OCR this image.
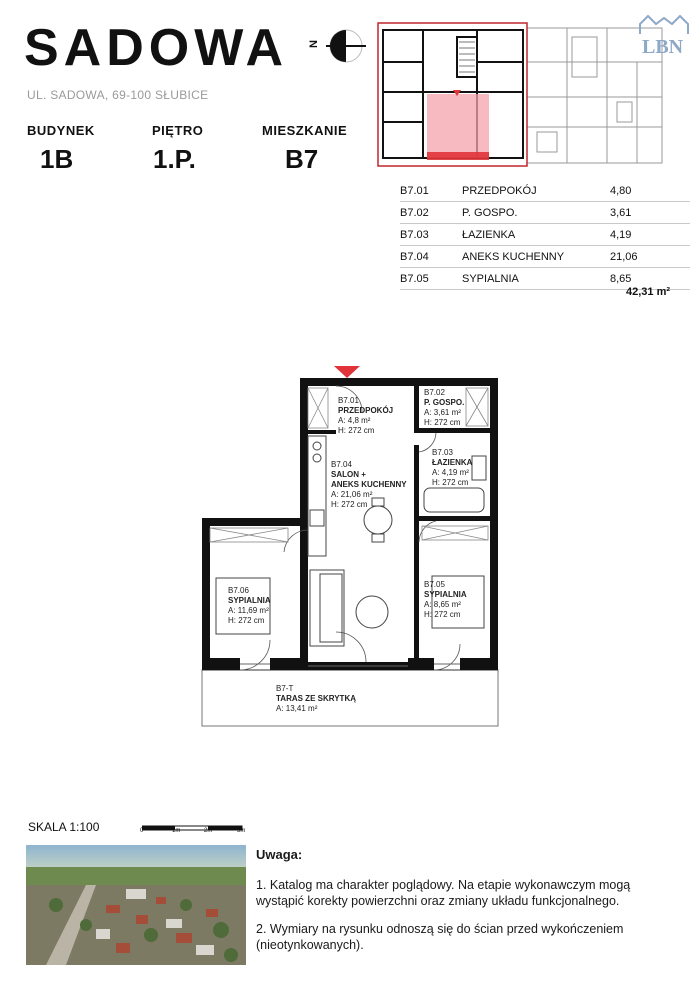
SADOWA
UL. SADOWA, 69-100 SŁUBICE
N	LBN
BUDYNEK
1B
PIĘTRO
1.P.
MIESZKANIE
B7
B7.01	PRZEDPOKÓJ	4,80
B7.02	P. GOSPO.	3,61
B7.03	ŁAZIENKA	4,19
B7.04	ANEKS KUCHENNY	21,06
B7.05	SYPIALNIA	8,65
42,31 m²
B7.01
PRZEDPOKÓJ
A: 4,8 m²
H: 272 cm
B7.02
P. GOSPO.
A: 3,61 m²
H: 272 cm
B7.03
ŁAZIENKA
A: 4,19 m²
H: 272 cm
B7.04
SALON +
ANEKS KUCHENNY
A: 21,06 m²
H: 272 cm
B7.05
SYPIALNIA
A: 8,65 m²
H: 272 cm
B7.06
SYPIALNIA
A: 11,69 m²
H: 272 cm
B7-T
TARAS ZE SKRYTKĄ
A: 13,41 m²
SKALA 1:100	0	1m	2m	3m

Uwaga:

1. Katalog ma charakter poglądowy. Na etapie wykonawczym mogą wystąpić korekty powierzchni oraz zmiany układu funkcjonalnego.

2. Wymiary na rysunku odnoszą się do ścian przed wykończeniem (nieotynkowanych).
